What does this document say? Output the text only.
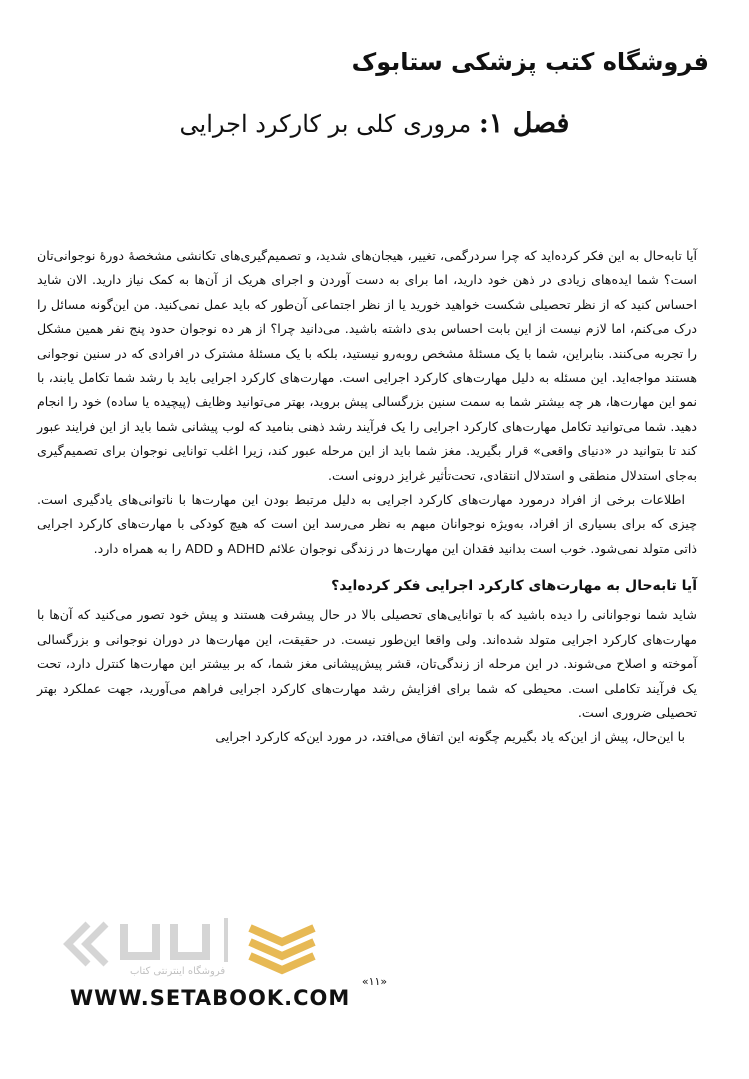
فروشگاه کتب پزشکی ستابوک
فصل ۱: مروری کلی بر کارکرد اجرایی

آیا تابه‌حال به این فکر کرده‌اید که چرا سردرگمی، تغییر، هیجان‌های شدید، و تصمیم‌گیری‌های تکانشی مشخصهٔ دورهٔ نوجوانی‌تان است؟ شما ایده‌های زیادی در ذهن خود دارید، اما برای به دست آوردن و اجرای هریک از آن‌ها به کمک نیاز دارید. الان شاید احساس کنید که از نظر تحصیلی شکست خواهید خورید یا از نظر اجتماعی آن‌طور که باید عمل نمی‌کنید. من این‌گونه مسائل را درک می‌کنم، اما لازم نیست از این بابت احساس بدی داشته باشید. می‌دانید چرا؟ از هر ده نوجوان حدود پنج نفر همین مشکل را تجربه می‌کنند. بنابراین، شما با یک مسئلهٔ مشخص روبه‌رو نیستید، بلکه با یک مسئلهٔ مشترک در افرادی که در سنین نوجوانی هستند مواجه‌اید. این مسئله به دلیل مهارت‌های کارکرد اجرایی است. مهارت‌های کارکرد اجرایی باید با رشد شما تکامل یابند، با نمو این مهارت‌ها، هر چه بیشتر شما به سمت سنین بزرگسالی پیش بروید، بهتر می‌توانید وظایف (پیچیده یا ساده) خود را انجام دهید. شما می‌توانید تکامل مهارت‌های کارکرد اجرایی را یک فرآیند رشد ذهنی بنامید که لوب پیشانی شما باید از این فرایند عبور کند تا بتوانید در «دنیای واقعی» قرار بگیرید. مغز شما باید از این مرحله عبور کند، زیرا اغلب توانایی نوجوان برای تصمیم‌گیری به‌جای استدلال منطقی و استدلال انتقادی، تحت‌تأثیر غرایز درونی است.

اطلاعات برخی از افراد درمورد مهارت‌های کارکرد اجرایی به دلیل مرتبط بودن این مهارت‌ها با ناتوانی‌های یادگیری است. چیزی که برای بسیاری از افراد، به‌ویژه نوجوانان مبهم به نظر می‌رسد این است که هیچ کودکی با مهارت‌های کارکرد اجرایی ذاتی متولد نمی‌شود. خوب است بدانید فقدان این مهارت‌ها در زندگی نوجوان علائم ADHD و ADD را به همراه دارد.

آیا تابه‌حال به مهارت‌های کارکرد اجرایی فکر کرده‌اید؟

شاید شما نوجوانانی را دیده باشید که با توانایی‌های تحصیلی بالا در حال پیشرفت هستند و پیش خود تصور می‌کنید که آن‌ها با مهارت‌های کارکرد اجرایی متولد شده‌اند. ولی واقعا این‌طور نیست. در حقیقت، این مهارت‌ها در دوران نوجوانی و بزرگسالی آموخته و اصلاح می‌شوند. در این مرحله از زندگی‌تان، قشر پیش‌پیشانی مغز شما، که بر بیشتر این مهارت‌ها کنترل دارد، تحت یک فرآیند تکاملی است. محیطی که شما برای افزایش رشد مهارت‌های کارکرد اجرایی فراهم می‌آورید، جهت عملکرد بهتر تحصیلی ضروری است.

با این‌حال، پیش از این‌که یاد بگیریم چگونه این اتفاق می‌افتد، در مورد این‌که کارکرد اجرایی

«۱۱»
فروشگاه اینترنتی کتاب
WWW.SETABOOK.COM
